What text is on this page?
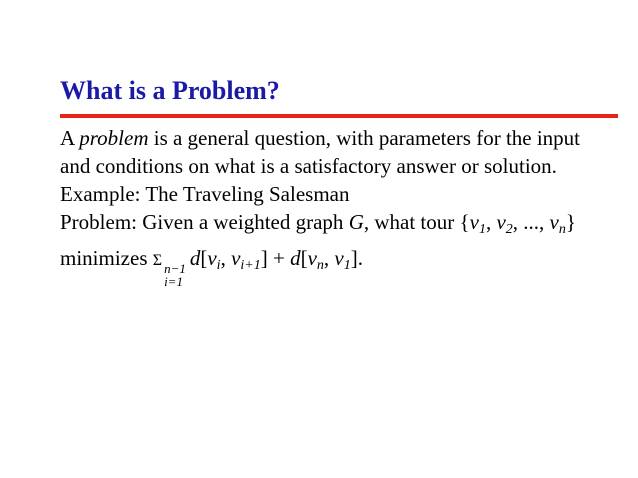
What is a Problem?
A problem is a general question, with parameters for the input
and conditions on what is a satisfactory answer or solution.
Example: The Traveling Salesman
Problem: Given a weighted graph G, what tour {$v_1$, $v_2$, ..., $v_n$}
minimizes Σ n−1
i=1
$d[v_i$, $v_{i+1}] + d[v_n$, $v_1$].
